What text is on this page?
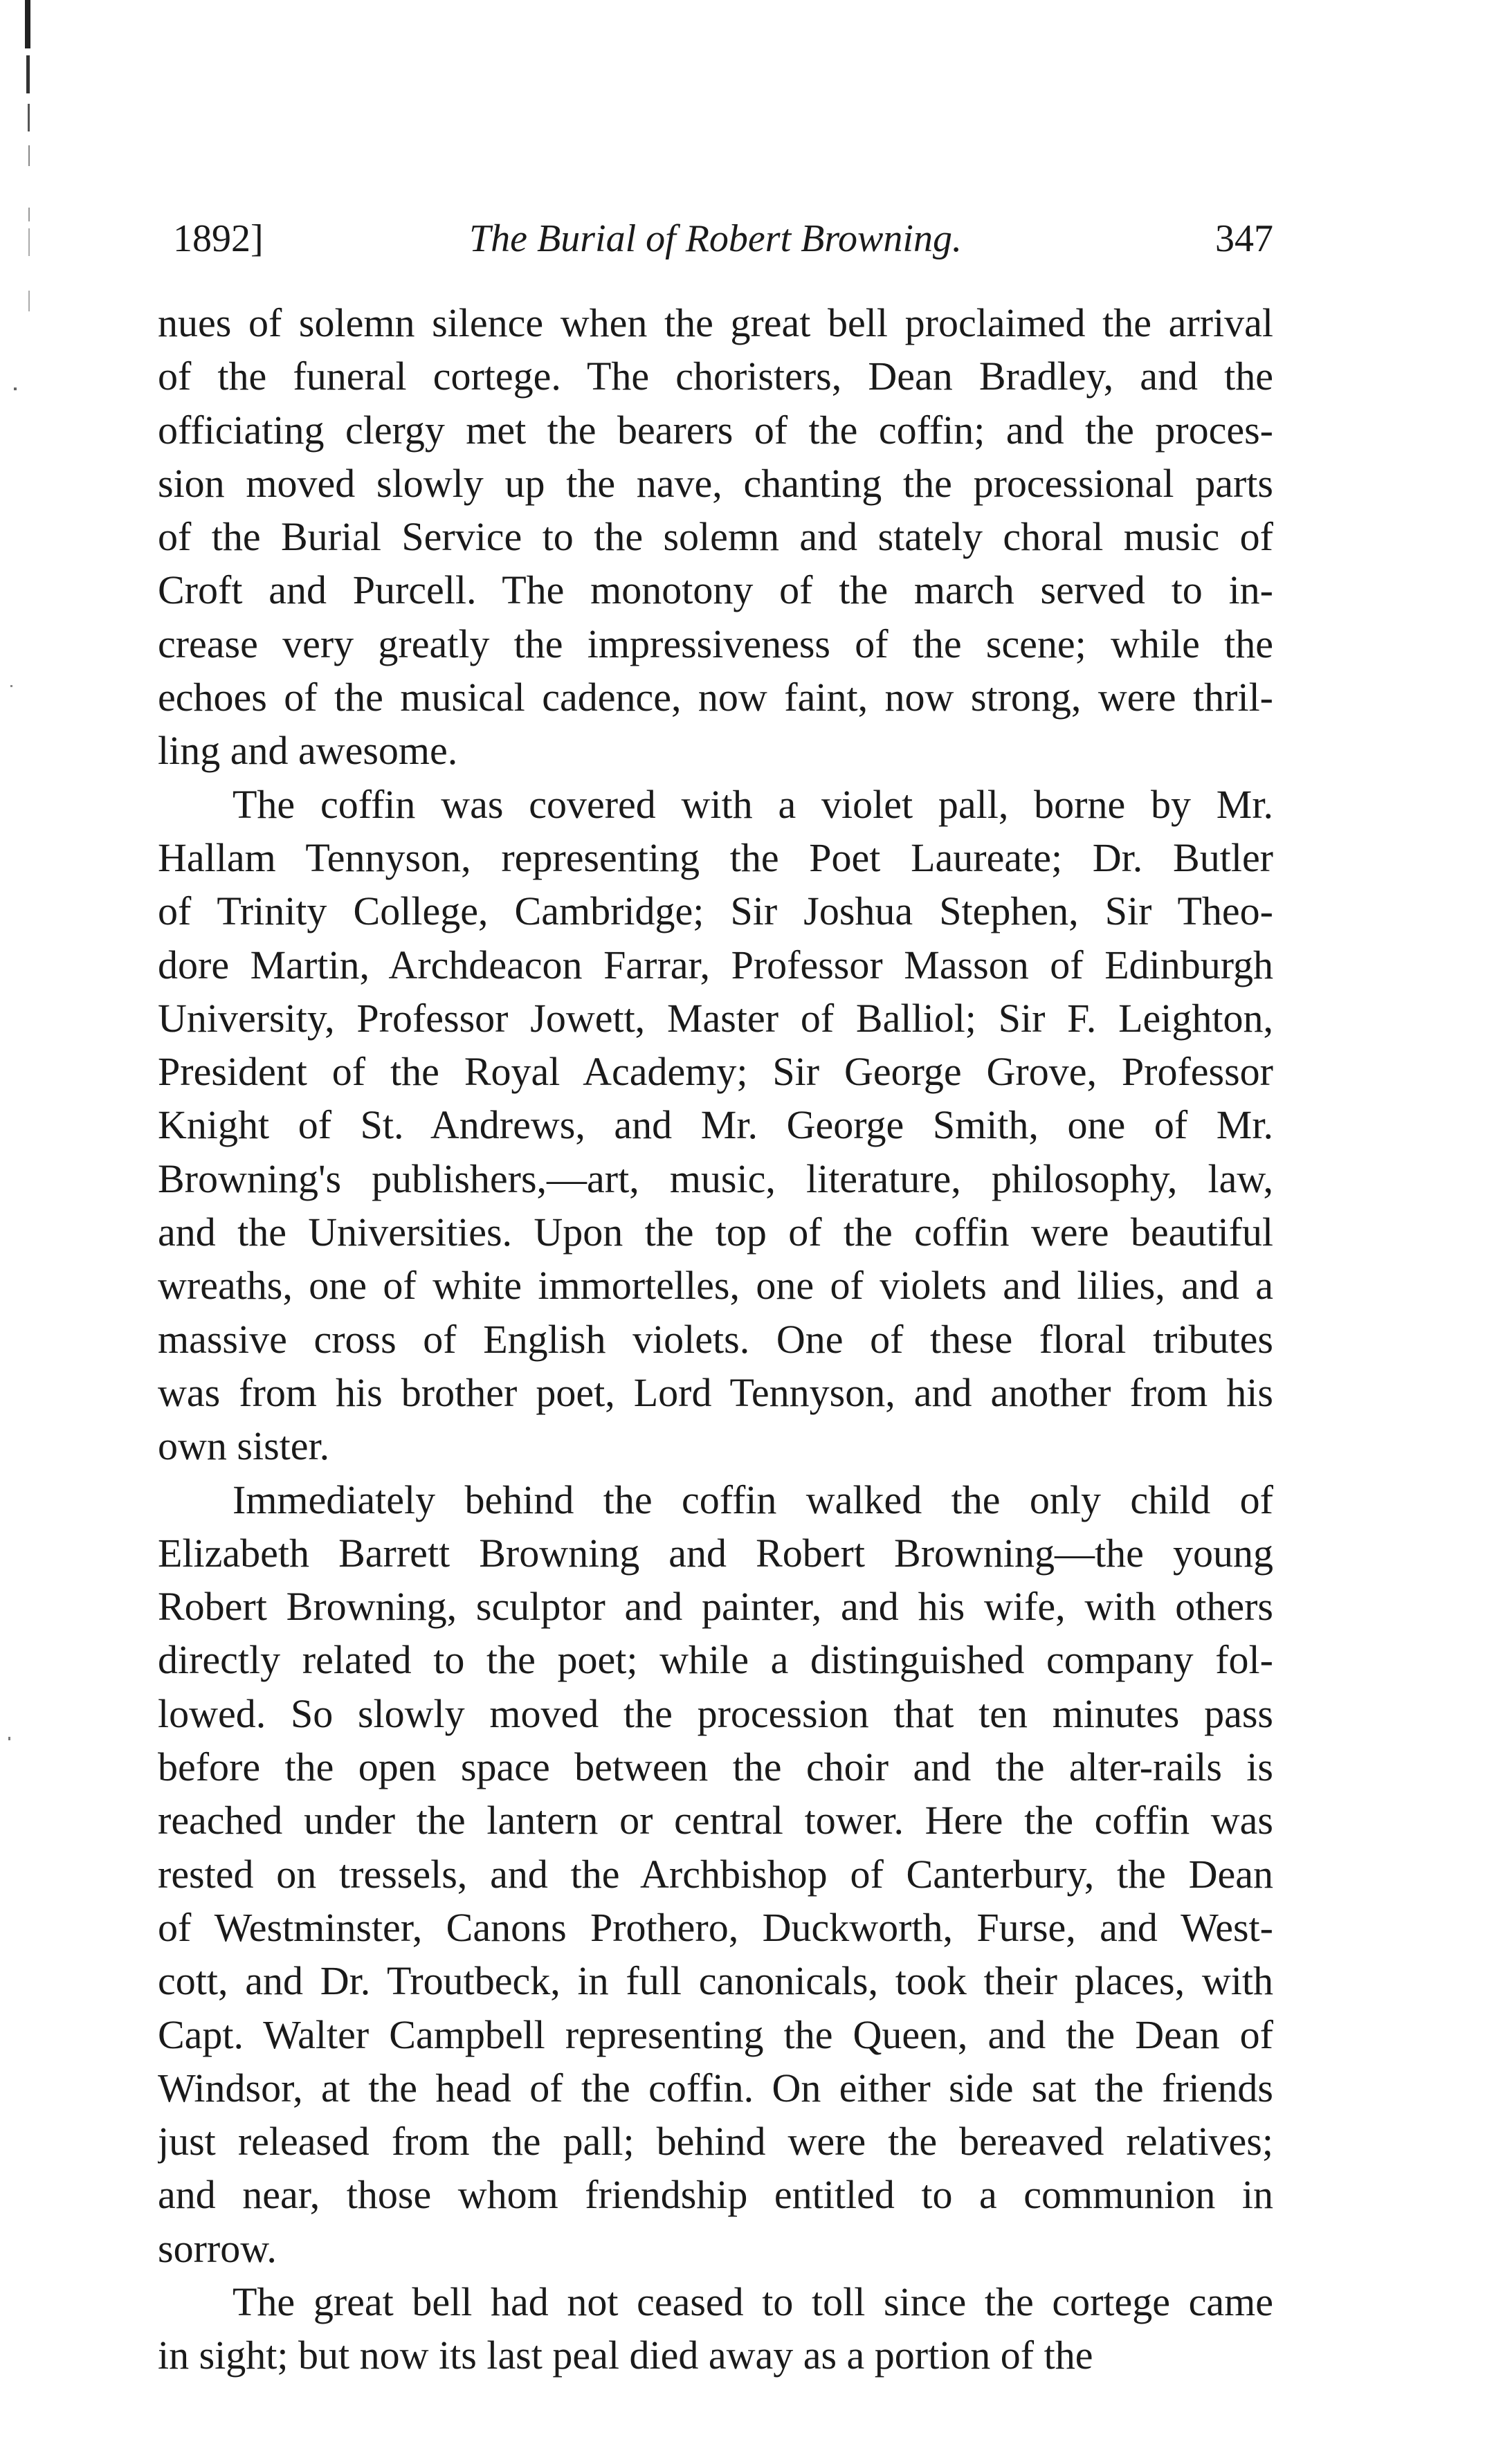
1892]	The Burial of Robert Browning.	347
nues of solemn silence when the great bell proclaimed the arrival
of the funeral cortege. The choristers, Dean Bradley, and the
officiating clergy met the bearers of the coffin; and the proces-
sion moved slowly up the nave, chanting the processional parts
of the Burial Service to the solemn and stately choral music of
Croft and Purcell. The monotony of the march served to in-
crease very greatly the impressiveness of the scene; while the
echoes of the musical cadence, now faint, now strong, were thril-
ling and awesome.
The coffin was covered with a violet pall, borne by Mr.
Hallam Tennyson, representing the Poet Laureate; Dr. Butler
of Trinity College, Cambridge; Sir Joshua Stephen, Sir Theo-
dore Martin, Archdeacon Farrar, Professor Masson of Edinburgh
University, Professor Jowett, Master of Balliol; Sir F. Leighton,
President of the Royal Academy; Sir George Grove, Professor
Knight of St. Andrews, and Mr. George Smith, one of Mr.
Browning's publishers,—art, music, literature, philosophy, law,
and the Universities. Upon the top of the coffin were beautiful
wreaths, one of white immortelles, one of violets and lilies, and a
massive cross of English violets. One of these floral tributes
was from his brother poet, Lord Tennyson, and another from his
own sister.
Immediately behind the coffin walked the only child of
Elizabeth Barrett Browning and Robert Browning—the young
Robert Browning, sculptor and painter, and his wife, with others
directly related to the poet; while a distinguished company fol-
lowed. So slowly moved the procession that ten minutes pass
before the open space between the choir and the alter-rails is
reached under the lantern or central tower. Here the coffin was
rested on tressels, and the Archbishop of Canterbury, the Dean
of Westminster, Canons Prothero, Duckworth, Furse, and West-
cott, and Dr. Troutbeck, in full canonicals, took their places, with
Capt. Walter Campbell representing the Queen, and the Dean of
Windsor, at the head of the coffin. On either side sat the friends
just released from the pall; behind were the bereaved relatives;
and near, those whom friendship entitled to a communion in
sorrow.
The great bell had not ceased to toll since the cortege came
in sight; but now its last peal died away as a portion of the
